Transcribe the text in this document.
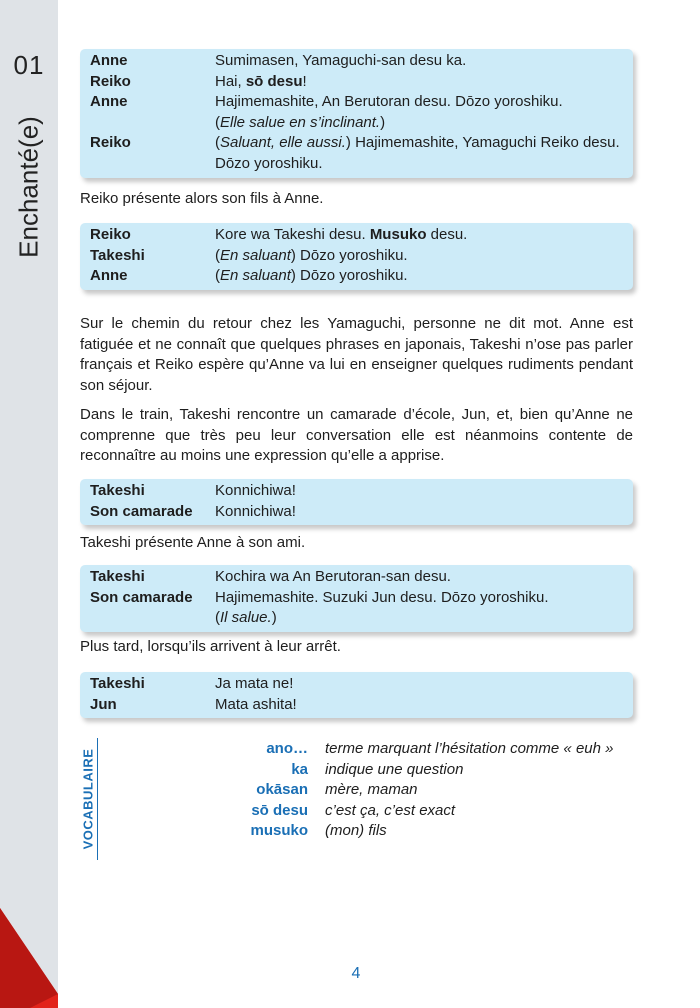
01
Enchanté(e)
Anne	Sumimasen, Yamaguchi-san desu ka.
Reiko	Hai, sō desu!
Anne	Hajimemashite, An Berutoran desu. Dōzo yoroshiku.
(Elle salue en s’inclinant.)
Reiko	(Saluant, elle aussi.) Hajimemashite, Yamaguchi Reiko desu.
Dōzo yoroshiku.

Reiko présente alors son fils à Anne.

Reiko	Kore wa Takeshi desu. Musuko desu.
Takeshi	(En saluant) Dōzo yoroshiku.
Anne	(En saluant) Dōzo yoroshiku.

Sur le chemin du retour chez les Yamaguchi, personne ne dit mot. Anne est fatiguée et ne connaît que quelques phrases en japonais, Takeshi n’ose pas parler français et Reiko espère qu’Anne va lui en enseigner quelques rudiments pendant son séjour.

Dans le train, Takeshi rencontre un camarade d’école, Jun, et, bien qu’Anne ne comprenne que très peu leur conversation elle est néanmoins contente de reconnaître au moins une expression qu’elle a apprise.

Takeshi	Konnichiwa!
Son camarade	Konnichiwa!

Takeshi présente Anne à son ami.

Takeshi	Kochira wa An Berutoran-san desu.
Son camarade	Hajimemashite. Suzuki Jun desu. Dōzo yoroshiku.
(Il salue.)

Plus tard, lorsqu’ils arrivent à leur arrêt.

Takeshi	Ja mata ne!
Jun	Mata ashita!
VOCABULAIRE
ano… terme marquant l’hésitation comme « euh »
ka indique une question
okāsan mère, maman
sō desu c’est ça, c’est exact
musuko (mon) fils
4
